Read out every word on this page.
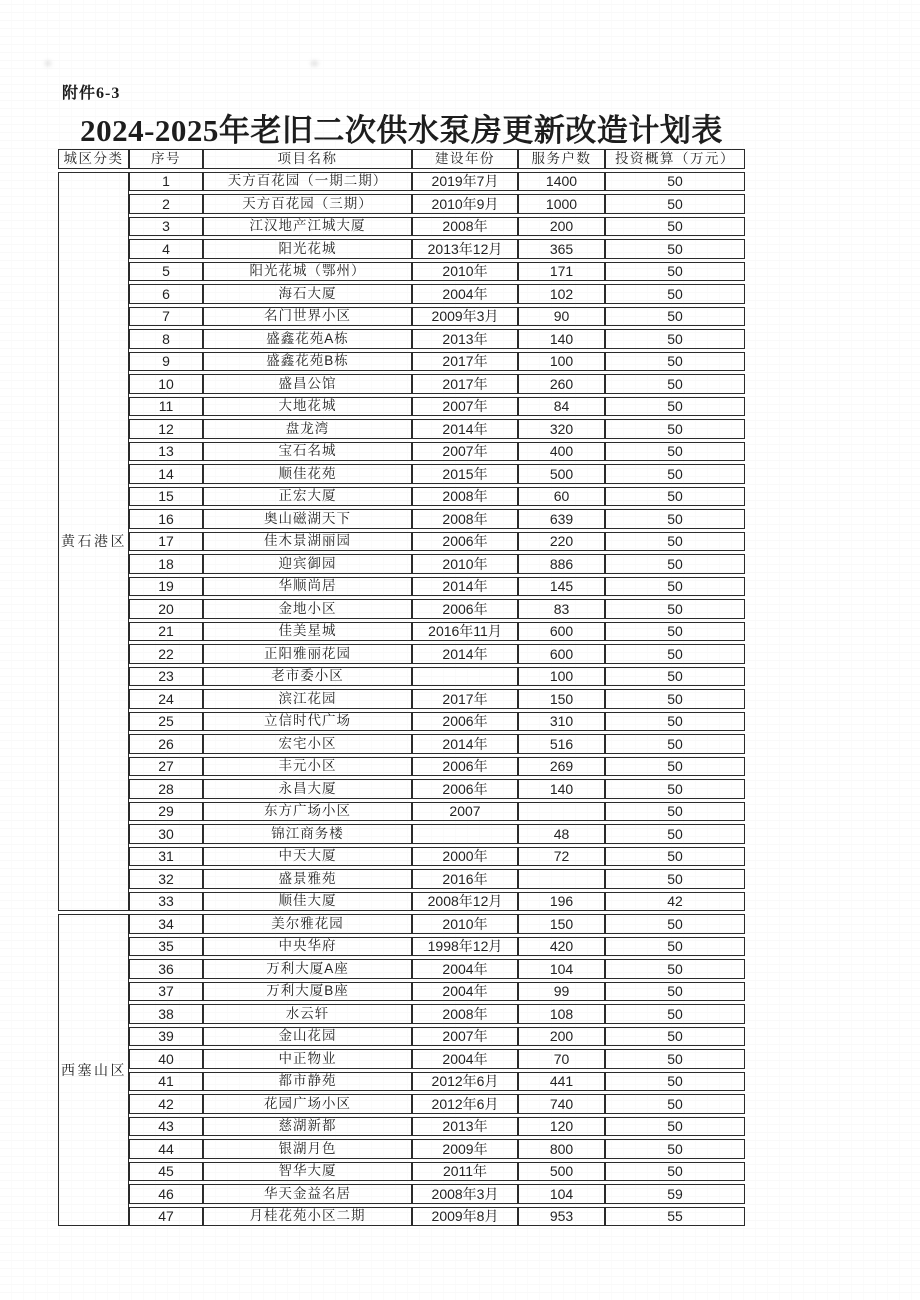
附件6-3
2024-2025年老旧二次供水泵房更新改造计划表
城区分类	序号	项目名称	建设年份	服务户数	投资概算（万元）
黄石港区	1	天方百花园（一期二期）	2019年7月	1400	50
	2	天方百花园（三期）	2010年9月	1000	50
	3	江汉地产江城大厦	2008年	200	50
	4	阳光花城	2013年12月	365	50
	5	阳光花城（鄂州）	2010年	171	50
	6	海石大厦	2004年	102	50
	7	名门世界小区	2009年3月	90	50
	8	盛鑫花苑A栋	2013年	140	50
	9	盛鑫花苑B栋	2017年	100	50
	10	盛昌公馆	2017年	260	50
	11	大地花城	2007年	84	50
	12	盘龙湾	2014年	320	50
	13	宝石名城	2007年	400	50
	14	顺佳花苑	2015年	500	50
	15	正宏大厦	2008年	60	50
	16	奥山磁湖天下	2008年	639	50
	17	佳木景湖丽园	2006年	220	50
	18	迎宾御园	2010年	886	50
	19	华顺尚居	2014年	145	50
	20	金地小区	2006年	83	50
	21	佳美星城	2016年11月	600	50
	22	正阳雅丽花园	2014年	600	50
	23	老市委小区		100	50
	24	滨江花园	2017年	150	50
	25	立信时代广场	2006年	310	50
	26	宏宅小区	2014年	516	50
	27	丰元小区	2006年	269	50
	28	永昌大厦	2006年	140	50
	29	东方广场小区	2007		50
	30	锦江商务楼		48	50
	31	中天大厦	2000年	72	50
	32	盛景雅苑	2016年		50
	33	顺佳大厦	2008年12月	196	42
西塞山区	34	美尔雅花园	2010年	150	50
	35	中央华府	1998年12月	420	50
	36	万利大厦A座	2004年	104	50
	37	万利大厦B座	2004年	99	50
	38	水云轩	2008年	108	50
	39	金山花园	2007年	200	50
	40	中正物业	2004年	70	50
	41	都市静苑	2012年6月	441	50
	42	花园广场小区	2012年6月	740	50
	43	慈湖新都	2013年	120	50
	44	银湖月色	2009年	800	50
	45	智华大厦	2011年	500	50
	46	华天金益名居	2008年3月	104	59
	47	月桂花苑小区二期	2009年8月	953	55
